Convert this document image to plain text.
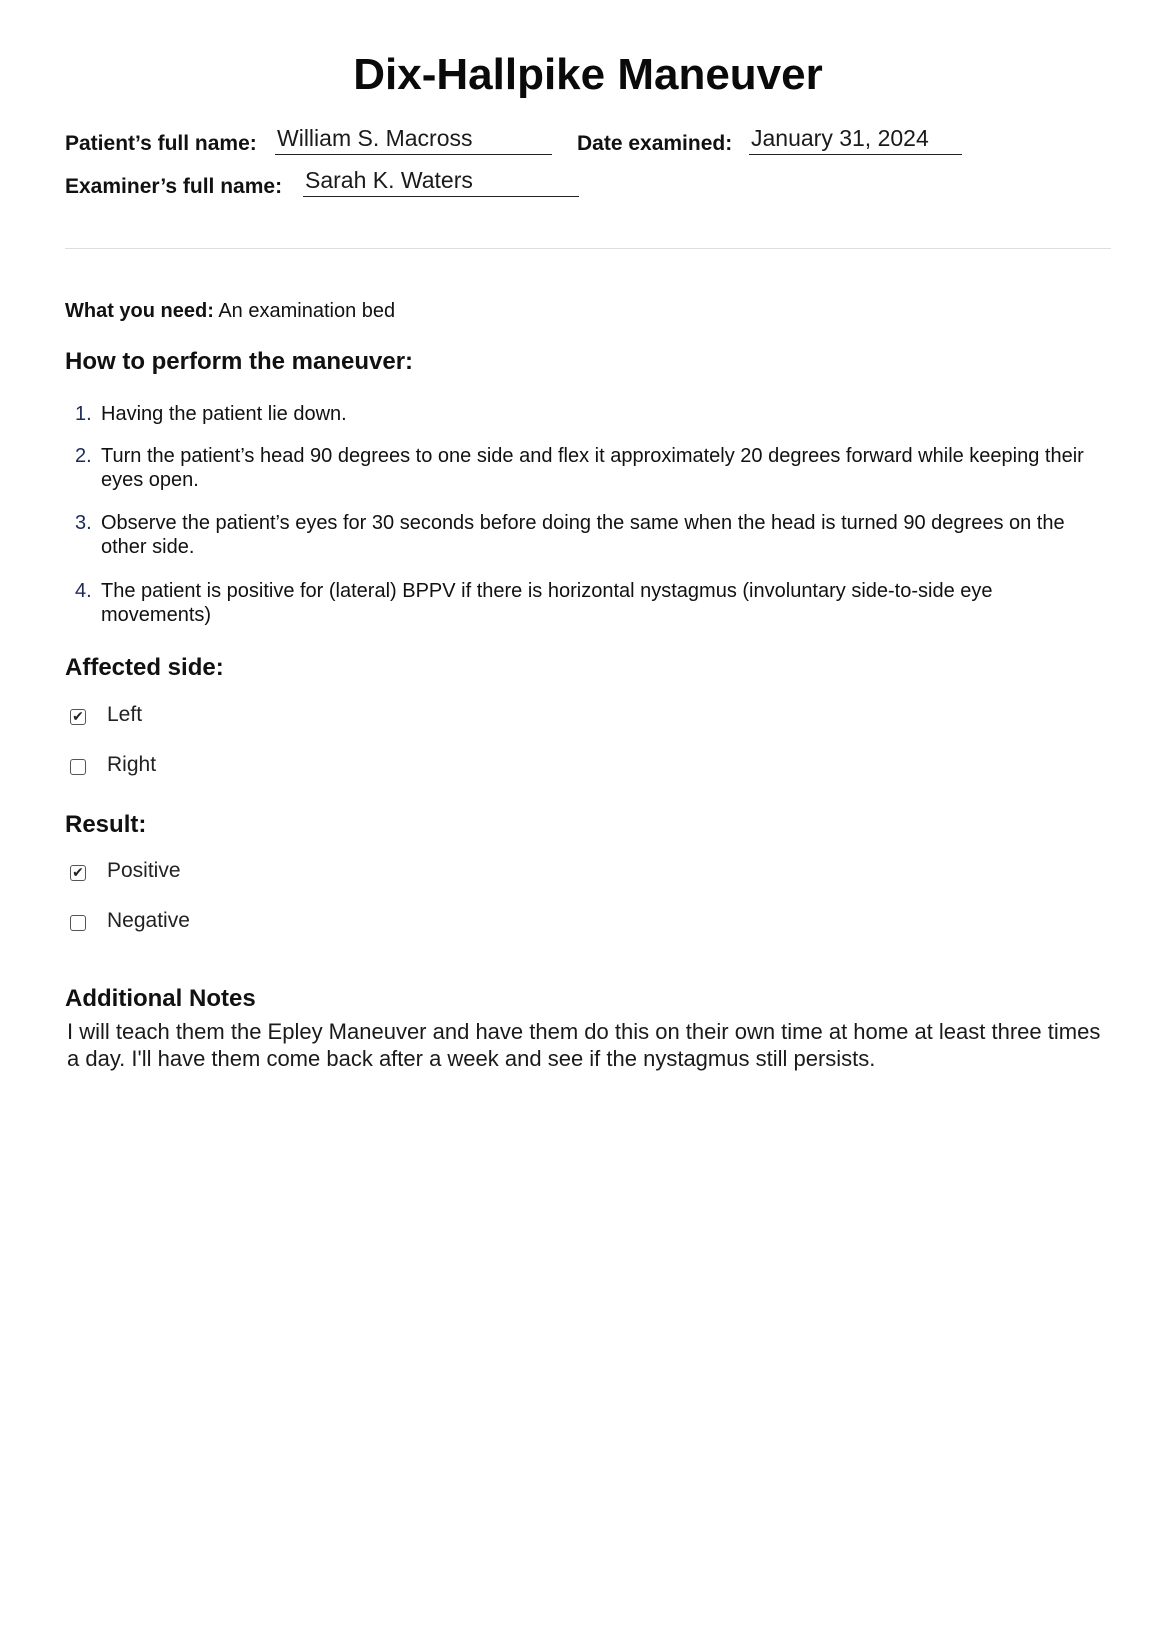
Dix-Hallpike Maneuver
Patient’s full name: William S. Macross	Date examined: January 31, 2024
Examiner’s full name: Sarah K. Waters
What you need: An examination bed
How to perform the maneuver:
1. Having the patient lie down.
2. Turn the patient’s head 90 degrees to one side and flex it approximately 20 degrees forward while keeping their eyes open.
3. Observe the patient’s eyes for 30 seconds before doing the same when the head is turned 90 degrees on the other side.
4. The patient is positive for (lateral) BPPV if there is horizontal nystagmus (involuntary side-to-side eye movements)
Affected side:
✔ Left
Right
Result:
✔ Positive
Negative
Additional Notes
I will teach them the Epley Maneuver and have them do this on their own time at home at least three times a day. I'll have them come back after a week and see if the nystagmus still persists.
